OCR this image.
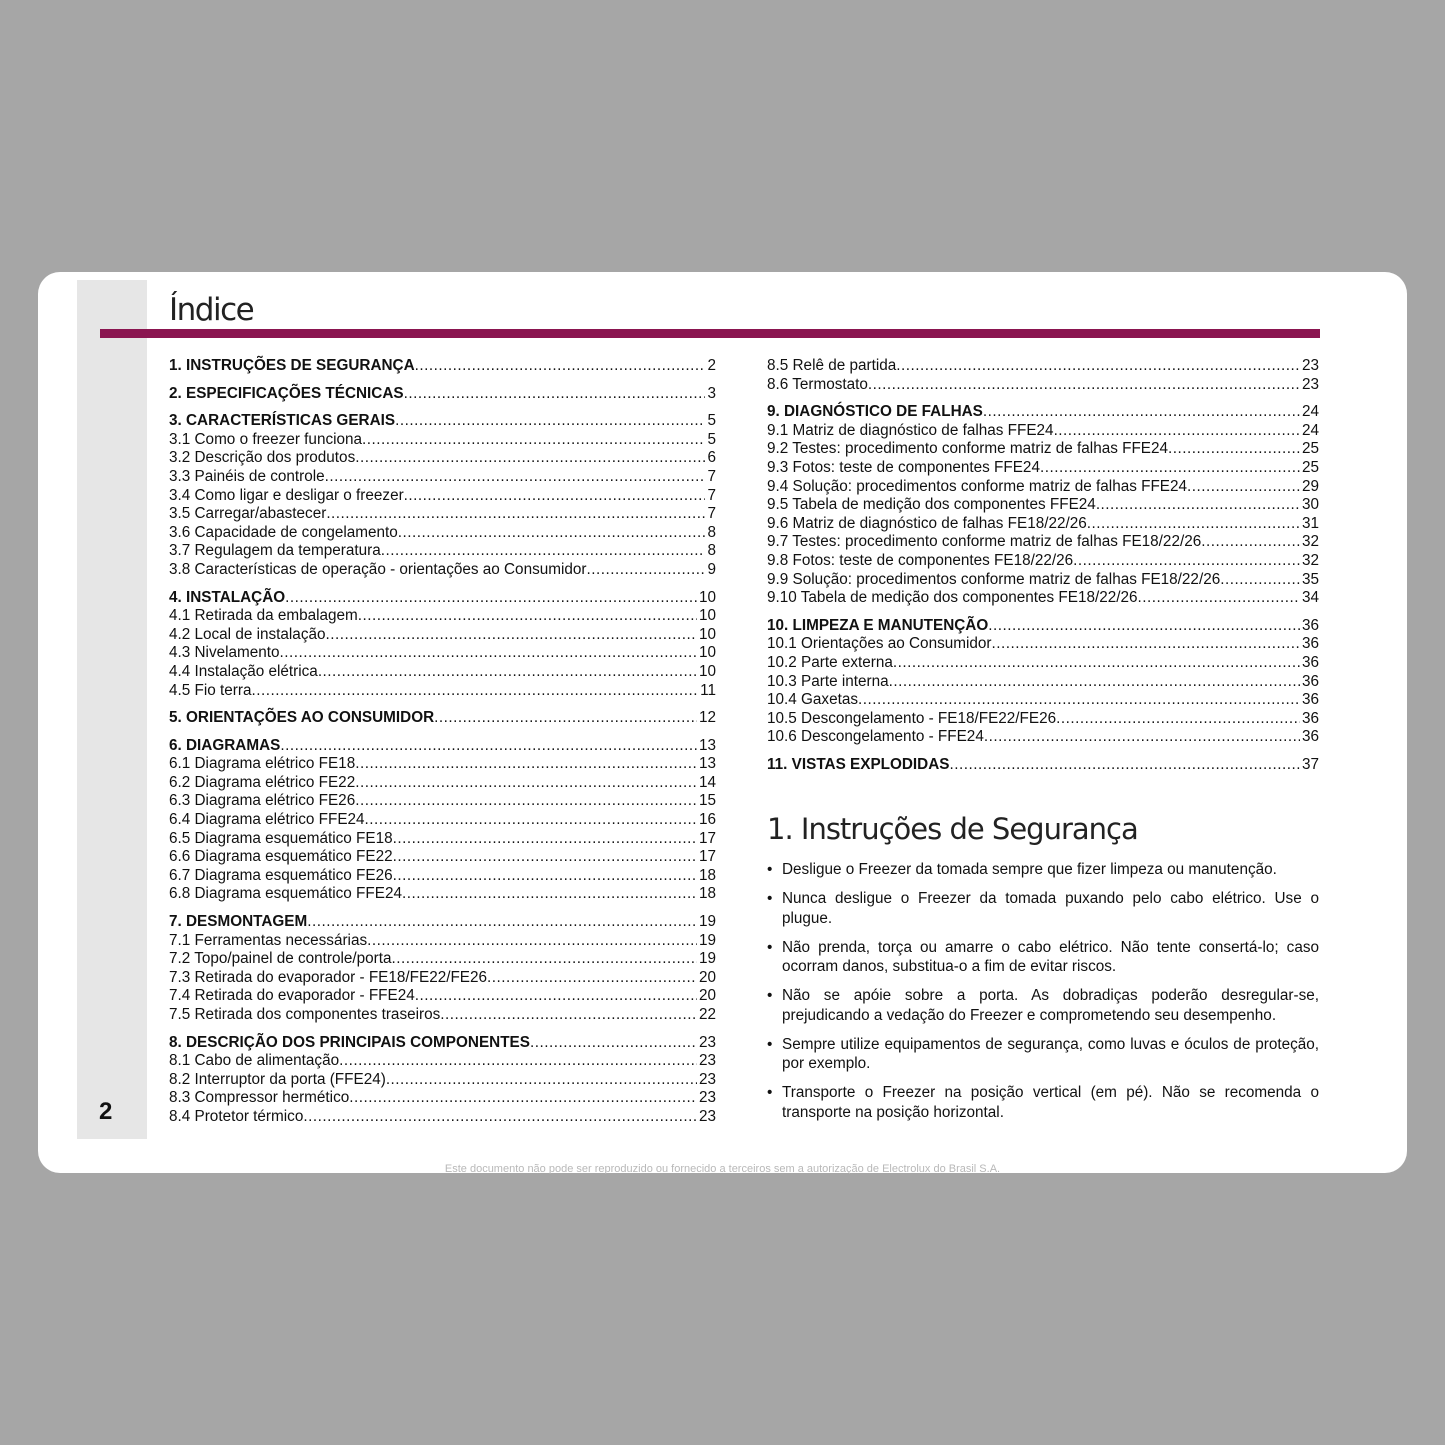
2
Índice
1. INSTRUÇÕES DE SEGURANÇA .....	2
2. ESPECIFICAÇÕES TÉCNICAS .....	3
3. CARACTERÍSTICAS GERAIS .....	5
3.1 Como o freezer funciona .....	5
3.2 Descrição dos produtos .....	6
3.3 Painéis de controle .....	7
3.4 Como ligar e desligar o freezer .....	7
3.5 Carregar/abastecer .....	7
3.6 Capacidade de congelamento .....	8
3.7 Regulagem da temperatura .....	8
3.8 Características de operação - orientações ao Consumidor .....	9
4. INSTALAÇÃO .....	10
4.1 Retirada da embalagem .....	10
4.2 Local de instalação .....	10
4.3 Nivelamento .....	10
4.4 Instalação elétrica .....	10
4.5 Fio terra .....	11
5. ORIENTAÇÕES AO CONSUMIDOR .....	12
6. DIAGRAMAS .....	13
6.1 Diagrama elétrico FE18 .....	13
6.2 Diagrama elétrico FE22 .....	14
6.3 Diagrama elétrico FE26 .....	15
6.4 Diagrama elétrico FFE24 .....	16
6.5 Diagrama esquemático FE18 .....	17
6.6 Diagrama esquemático FE22 .....	17
6.7 Diagrama esquemático FE26 .....	18
6.8 Diagrama esquemático FFE24 .....	18
7. DESMONTAGEM .....	19
7.1 Ferramentas necessárias .....	19
7.2 Topo/painel de controle/porta .....	19
7.3 Retirada do evaporador - FE18/FE22/FE26 .....	20
7.4 Retirada do evaporador - FFE24 .....	20
7.5 Retirada dos componentes traseiros .....	22
8. DESCRIÇÃO DOS PRINCIPAIS COMPONENTES .....	23
8.1 Cabo de alimentação .....	23
8.2 Interruptor da porta (FFE24) .....	23
8.3 Compressor hermético .....	23
8.4 Protetor térmico .....	23
8.5 Relê de partida .....	23
8.6 Termostato .....	23
9. DIAGNÓSTICO DE FALHAS .....	24
9.1 Matriz de diagnóstico de falhas FFE24 .....	24
9.2 Testes: procedimento conforme matriz de falhas FFE24 .....	25
9.3 Fotos: teste de componentes FFE24 .....	25
9.4 Solução: procedimentos conforme matriz de falhas FFE24 .....	29
9.5 Tabela de medição dos componentes FFE24 .....	30
9.6 Matriz de diagnóstico de falhas FE18/22/26 .....	31
9.7 Testes: procedimento conforme matriz de falhas FE18/22/26 .....	32
9.8 Fotos: teste de componentes FE18/22/26 .....	32
9.9 Solução: procedimentos conforme matriz de falhas FE18/22/26 .....	35
9.10 Tabela de medição dos componentes FE18/22/26 .....	34
10. LIMPEZA E MANUTENÇÃO .....	36
10.1 Orientações ao Consumidor .....	36
10.2 Parte externa .....	36
10.3 Parte interna .....	36
10.4 Gaxetas .....	36
10.5 Descongelamento - FE18/FE22/FE26 .....	36
10.6 Descongelamento - FFE24 .....	36
11. VISTAS EXPLODIDAS .....	37
1. Instruções de Segurança
• Desligue o Freezer da tomada sempre que fizer limpeza ou manutenção.
• Nunca desligue o Freezer da tomada puxando pelo cabo elétrico. Use o plugue.
• Não prenda, torça ou amarre o cabo elétrico. Não tente consertá-lo; caso ocorram danos, substitua-o a fim de evitar riscos.
• Não se apóie sobre a porta. As dobradiças poderão desregular-se, prejudicando a vedação do Freezer e comprometendo seu desempenho.
• Sempre utilize equipamentos de segurança, como luvas e óculos de proteção, por exemplo.
• Transporte o Freezer na posição vertical (em pé). Não se recomenda o transporte na posição horizontal.
Este documento não pode ser reproduzido ou fornecido a terceiros sem a autorização de Electrolux do Brasil S.A.
